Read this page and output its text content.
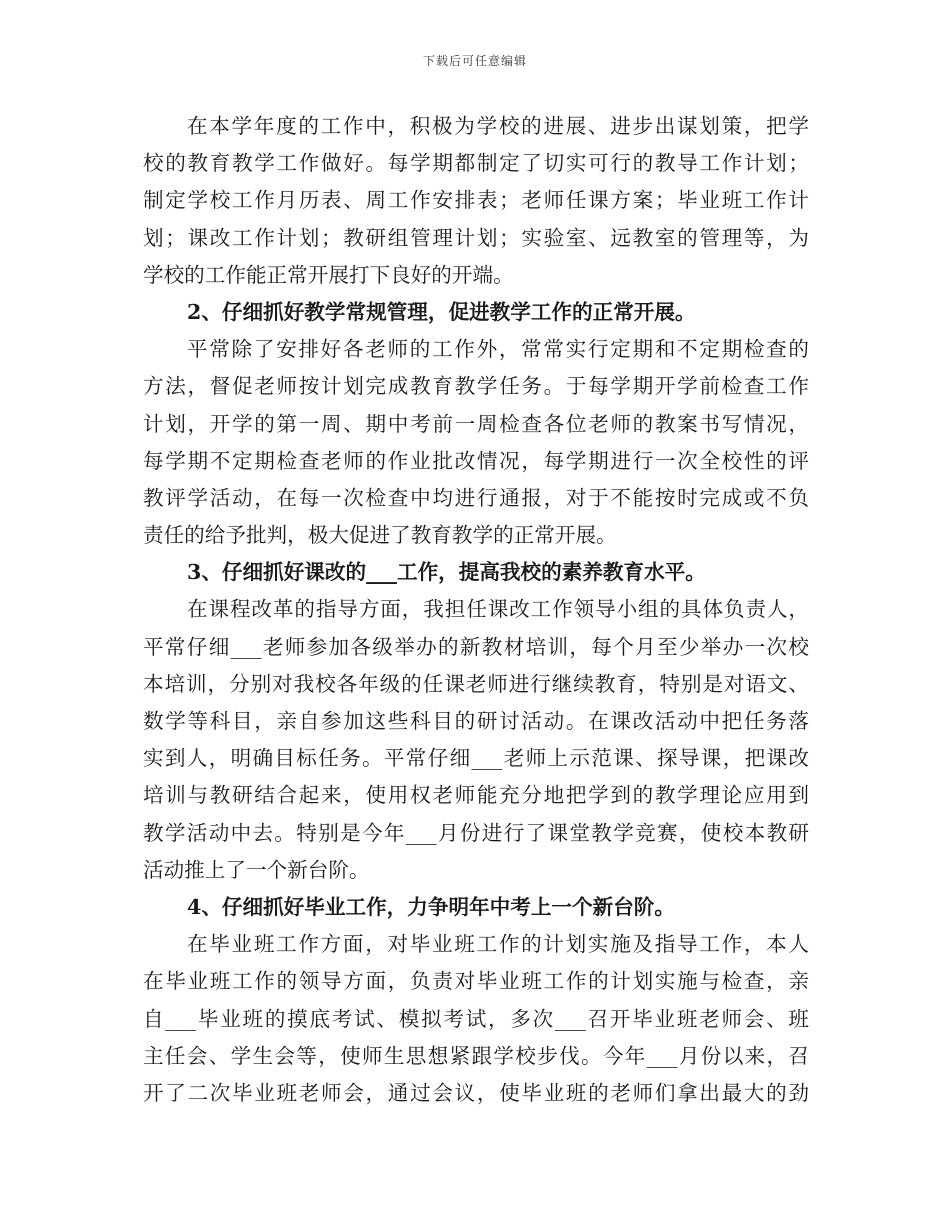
下载后可任意编辑
在本学年度的工作中，积极为学校的进展、进步出谋划策，把学
校的教育教学工作做好。每学期都制定了切实可行的教导工作计划；
制定学校工作月历表、周工作安排表；老师任课方案；毕业班工作计
划；课改工作计划；教研组管理计划；实验室、远教室的管理等，为
学校的工作能正常开展打下良好的开端。
2、仔细抓好教学常规管理，促进教学工作的正常开展。
平常除了安排好各老师的工作外，常常实行定期和不定期检查的
方法，督促老师按计划完成教育教学任务。于每学期开学前检查工作
计划，开学的第一周、期中考前一周检查各位老师的教案书写情况，
每学期不定期检查老师的作业批改情况，每学期进行一次全校性的评
教评学活动，在每一次检查中均进行通报，对于不能按时完成或不负
责任的给予批判，极大促进了教育教学的正常开展。
3、仔细抓好课改的___工作，提高我校的素养教育水平。
在课程改革的指导方面，我担任课改工作领导小组的具体负责人，
平常仔细___老师参加各级举办的新教材培训，每个月至少举办一次校
本培训，分别对我校各年级的任课老师进行继续教育，特别是对语文、
数学等科目，亲自参加这些科目的研讨活动。在课改活动中把任务落
实到人，明确目标任务。平常仔细___老师上示范课、探导课，把课改
培训与教研结合起来，使用权老师能充分地把学到的教学理论应用到
教学活动中去。特别是今年___月份进行了课堂教学竞赛，使校本教研
活动推上了一个新台阶。
4、仔细抓好毕业工作，力争明年中考上一个新台阶。
在毕业班工作方面，对毕业班工作的计划实施及指导工作，本人
在毕业班工作的领导方面，负责对毕业班工作的计划实施与检查，亲
自___毕业班的摸底考试、模拟考试，多次___召开毕业班老师会、班
主任会、学生会等，使师生思想紧跟学校步伐。今年___月份以来，召
开了二次毕业班老师会，通过会议，使毕业班的老师们拿出最大的劲
